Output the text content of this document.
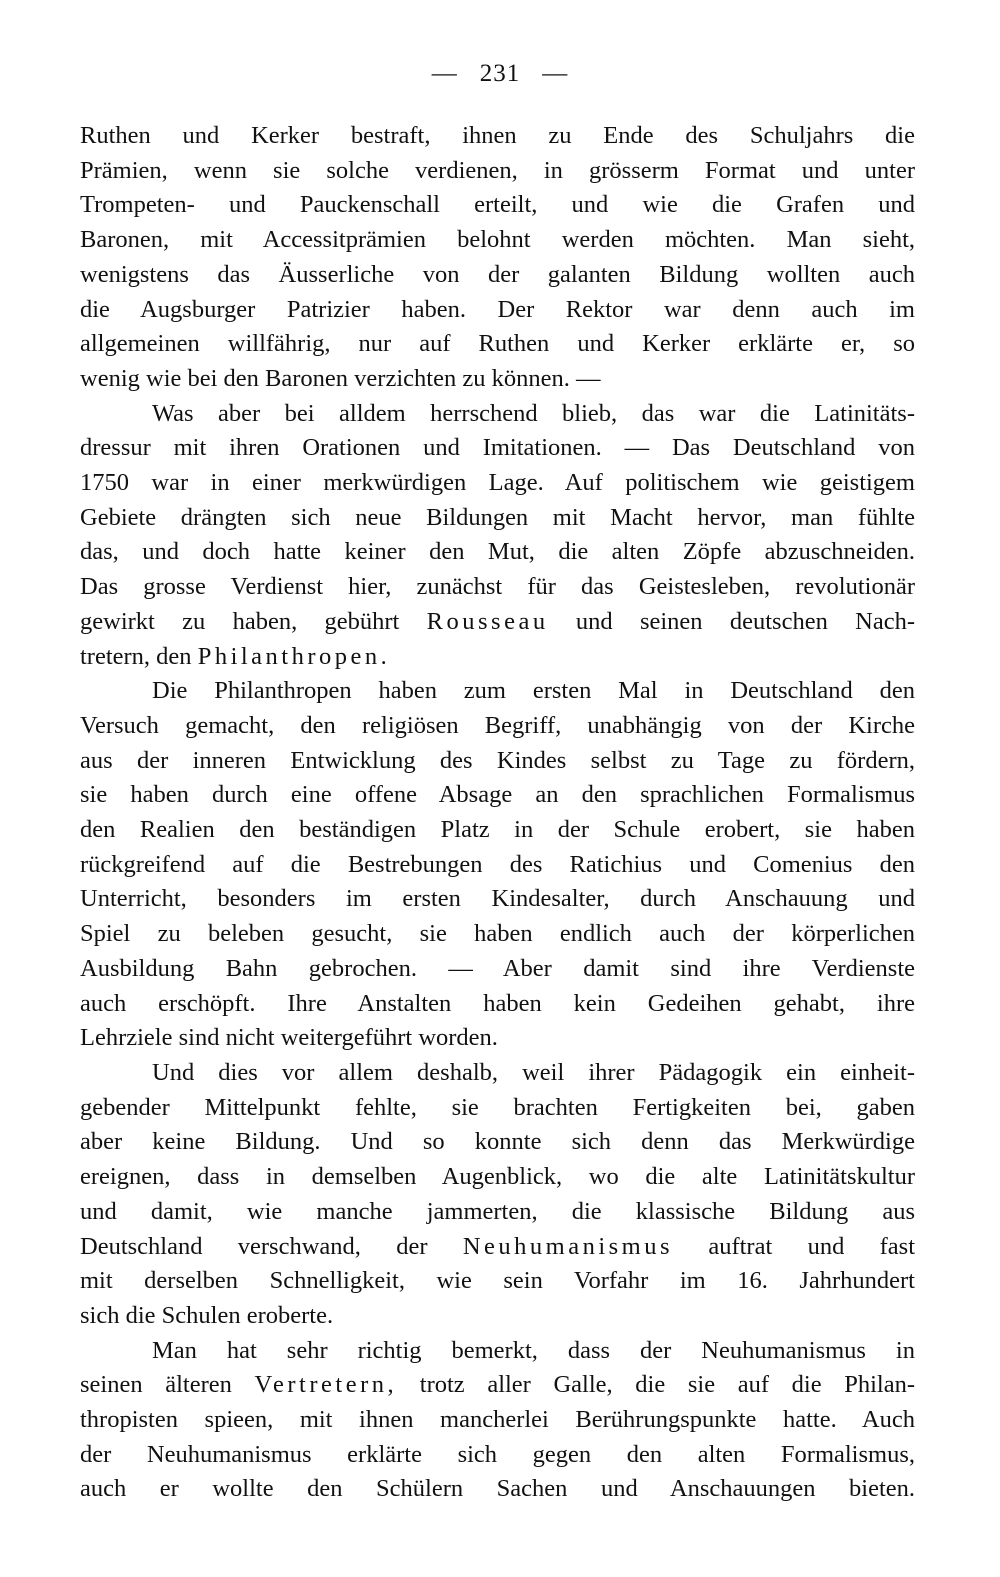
— 231 —
Ruthen und Kerker bestraft, ihnen zu Ende des Schuljahrs die
Prämien, wenn sie solche verdienen, in grösserm Format und unter
Trompeten- und Pauckenschall erteilt, und wie die Grafen und
Baronen, mit Accessitprämien belohnt werden möchten. Man sieht,
wenigstens das Äusserliche von der galanten Bildung wollten auch
die Augsburger Patrizier haben. Der Rektor war denn auch im
allgemeinen willfährig, nur auf Ruthen und Kerker erklärte er, so
wenig wie bei den Baronen verzichten zu können. —
Was aber bei alldem herrschend blieb, das war die Latinitäts-
dressur mit ihren Orationen und Imitationen. — Das Deutschland von
1750 war in einer merkwürdigen Lage. Auf politischem wie geistigem
Gebiete drängten sich neue Bildungen mit Macht hervor, man fühlte
das, und doch hatte keiner den Mut, die alten Zöpfe abzuschneiden.
Das grosse Verdienst hier, zunächst für das Geistesleben, revolutionär
gewirkt zu haben, gebührt Rousseau und seinen deutschen Nach-
tretern, den Philanthropen.
Die Philanthropen haben zum ersten Mal in Deutschland den
Versuch gemacht, den religiösen Begriff, unabhängig von der Kirche
aus der inneren Entwicklung des Kindes selbst zu Tage zu fördern,
sie haben durch eine offene Absage an den sprachlichen Formalismus
den Realien den beständigen Platz in der Schule erobert, sie haben
rückgreifend auf die Bestrebungen des Ratichius und Comenius den
Unterricht, besonders im ersten Kindesalter, durch Anschauung und
Spiel zu beleben gesucht, sie haben endlich auch der körperlichen
Ausbildung Bahn gebrochen. — Aber damit sind ihre Verdienste
auch erschöpft. Ihre Anstalten haben kein Gedeihen gehabt, ihre
Lehrziele sind nicht weitergeführt worden.
Und dies vor allem deshalb, weil ihrer Pädagogik ein einheit-
gebender Mittelpunkt fehlte, sie brachten Fertigkeiten bei, gaben
aber keine Bildung. Und so konnte sich denn das Merkwürdige
ereignen, dass in demselben Augenblick, wo die alte Latinitätskultur
und damit, wie manche jammerten, die klassische Bildung aus
Deutschland verschwand, der Neuhumanismus auftrat und fast
mit derselben Schnelligkeit, wie sein Vorfahr im 16. Jahrhundert
sich die Schulen eroberte.
Man hat sehr richtig bemerkt, dass der Neuhumanismus in
seinen älteren Vertretern, trotz aller Galle, die sie auf die Philan-
thropisten spieen, mit ihnen mancherlei Berührungspunkte hatte. Auch
der Neuhumanismus erklärte sich gegen den alten Formalismus,
auch er wollte den Schülern Sachen und Anschauungen bieten.
